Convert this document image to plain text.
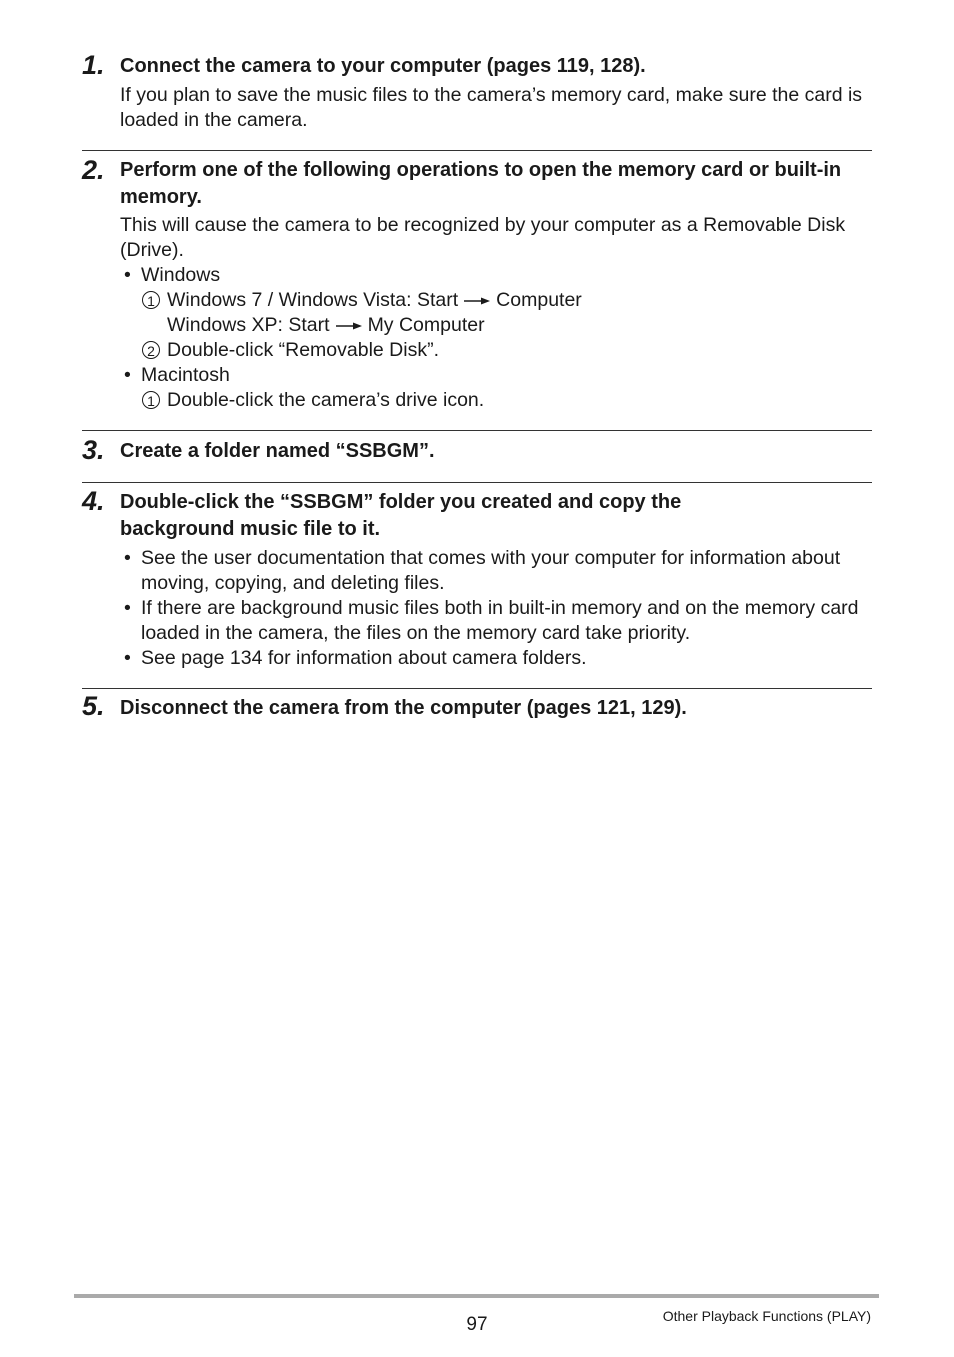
1. Connect the camera to your computer (pages 119, 128).
If you plan to save the music files to the camera’s memory card, make sure the card is loaded in the camera.
2. Perform one of the following operations to open the memory card or built-in memory.
This will cause the camera to be recognized by your computer as a Removable Disk (Drive).
• Windows
1 Windows 7 / Windows Vista: Start Computer
Windows XP: Start My Computer
2 Double-click “Removable Disk”.
• Macintosh
1 Double-click the camera’s drive icon.
3. Create a folder named “SSBGM”.
4. Double-click the “SSBGM” folder you created and copy the background music file to it.
• See the user documentation that comes with your computer for information about moving, copying, and deleting files.
• If there are background music files both in built-in memory and on the memory card loaded in the camera, the files on the memory card take priority.
• See page 134 for information about camera folders.
5. Disconnect the camera from the computer (pages 121, 129).
97	Other Playback Functions (PLAY)
